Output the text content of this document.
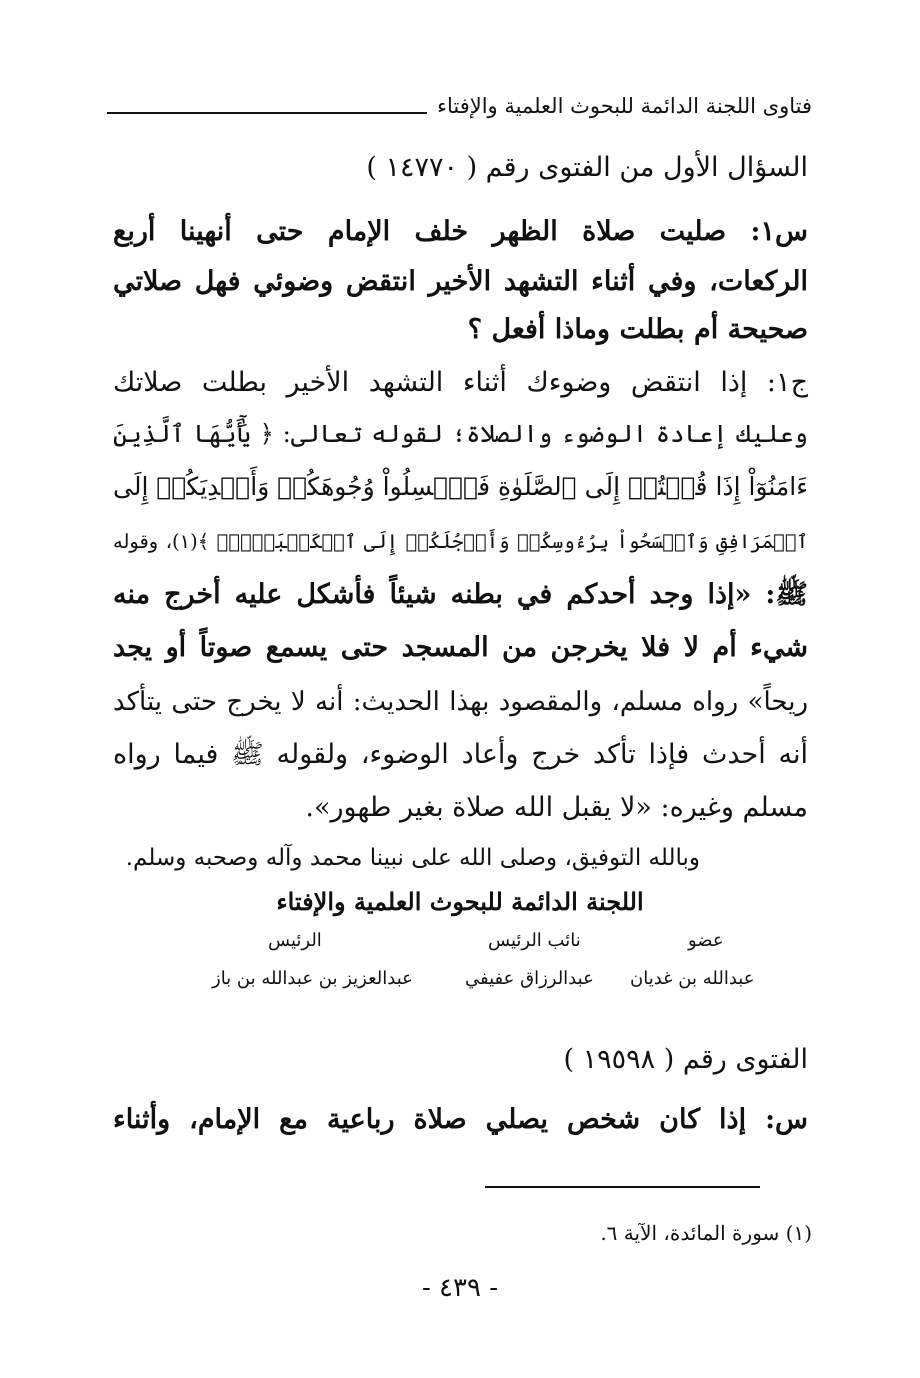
فتاوى اللجنة الدائمة للبحوث العلمية والإفتاء
السؤال الأول من الفتوى رقم ( ١٤٧٧٠ )
س١: صليت صلاة الظهر خلف الإمام حتى أنهينا أربع
الركعات، وفي أثناء التشهد الأخير انتقض وضوئي فهل صلاتي
صحيحة أم بطلت وماذا أفعل ؟
ج١: إذا انتقض وضوءك أثناء التشهد الأخير بطلت صلاتك
وعليك إعادة الوضوء والصلاة؛ لقوله تعالى: ﴿ يَٰٓأَيُّهَا ٱلَّذِينَ
ءَامَنُوٓاْ إِذَا قُمۡتُمۡ إِلَى ٱلصَّلَوٰةِ فَٱغۡسِلُواْ وُجُوهَكُمۡ وَأَيۡدِيَكُمۡ إِلَى
ٱلۡمَرَافِقِ وَٱمۡسَحُواْ بِرُءُوسِكُمۡ وَأَرۡجُلَكُمۡ إِلَى ٱلۡكَعۡبَيۡنِۚ ﴾(١)، وقوله
ﷺ: «إذا وجد أحدكم في بطنه شيئاً فأشكل عليه أخرج منه
شيء أم لا فلا يخرجن من المسجد حتى يسمع صوتاً أو يجد
ريحاً» رواه مسلم، والمقصود بهذا الحديث: أنه لا يخرج حتى يتأكد
أنه أحدث فإذا تأكد خرج وأعاد الوضوء، ولقوله ﷺ فيما رواه
مسلم وغيره: «لا يقبل الله صلاة بغير طهور».
وبالله التوفيق، وصلى الله على نبينا محمد وآله وصحبه وسلم.
اللجنة الدائمة للبحوث العلمية والإفتاء
عضو
نائب الرئيس
الرئيس
عبدالله بن غديان
عبدالرزاق عفيفي
عبدالعزيز بن عبدالله بن باز
الفتوى رقم ( ١٩٥٩٨ )
س: إذا كان شخص يصلي صلاة رباعية مع الإمام، وأثناء
(١) سورة المائدة، الآية ٦.
- ٤٣٩ -
